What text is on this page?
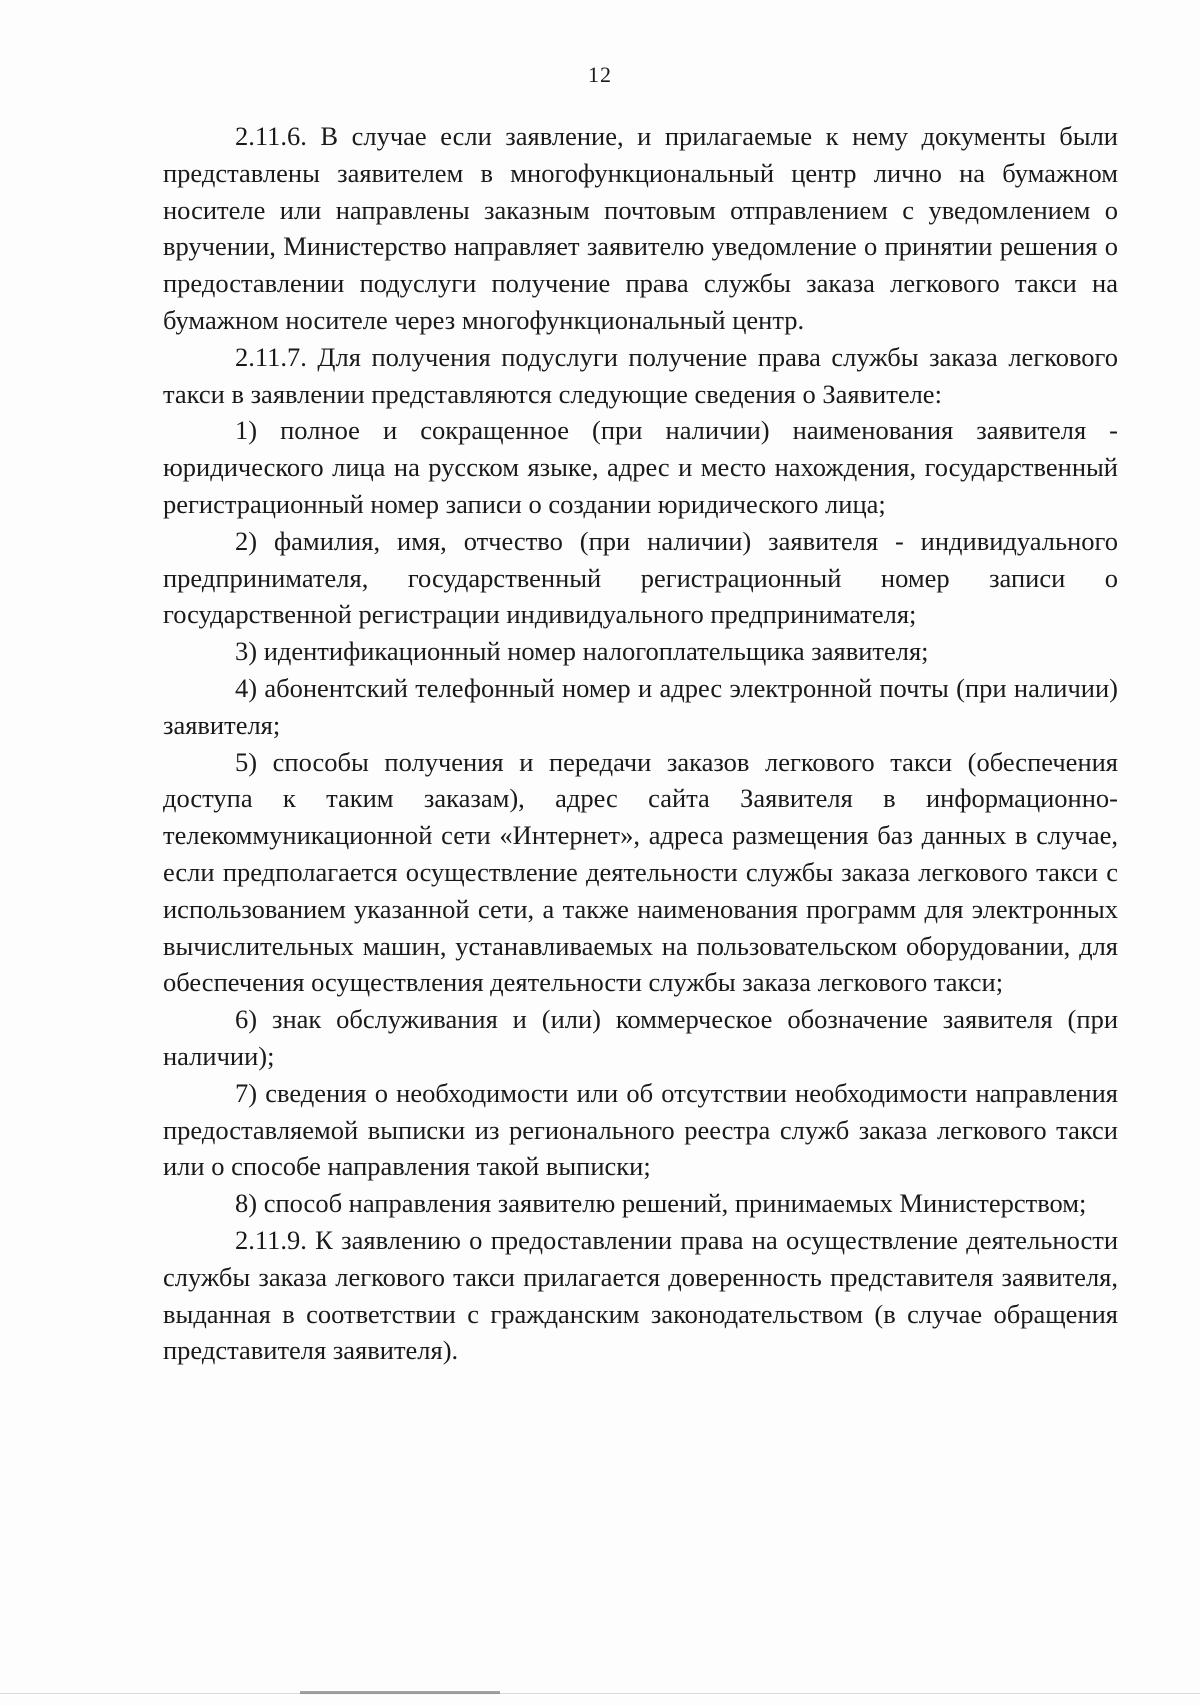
12

2.11.6. В случае если заявление, и прилагаемые к нему документы были представлены заявителем в многофункциональный центр лично на бумажном носителе или направлены заказным почтовым отправлением с уведомлением о вручении, Министерство направляет заявителю уведомление о принятии решения о предоставлении подуслуги получение права службы заказа легкового такси на бумажном носителе через многофункциональный центр.

2.11.7. Для получения подуслуги получение права службы заказа легкового такси в заявлении представляются следующие сведения о Заявителе:

1) полное и сокращенное (при наличии) наименования заявителя - юридического лица на русском языке, адрес и место нахождения, государственный регистрационный номер записи о создании юридического лица;

2) фамилия, имя, отчество (при наличии) заявителя - индивидуального предпринимателя, государственный регистрационный номер записи о государственной регистрации индивидуального предпринимателя;

3) идентификационный номер налогоплательщика заявителя;

4) абонентский телефонный номер и адрес электронной почты (при наличии) заявителя;

5) способы получения и передачи заказов легкового такси (обеспечения доступа к таким заказам), адрес сайта Заявителя в информационно-телекоммуникационной сети «Интернет», адреса размещения баз данных в случае, если предполагается осуществление деятельности службы заказа легкового такси с использованием указанной сети, а также наименования программ для электронных вычислительных машин, устанавливаемых на пользовательском оборудовании, для обеспечения осуществления деятельности службы заказа легкового такси;

6) знак обслуживания и (или) коммерческое обозначение заявителя (при наличии);

7) сведения о необходимости или об отсутствии необходимости направления предоставляемой выписки из регионального реестра служб заказа легкового такси или о способе направления такой выписки;

8) способ направления заявителю решений, принимаемых Министерством;

2.11.9. К заявлению о предоставлении права на осуществление деятельности службы заказа легкового такси прилагается доверенность представителя заявителя, выданная в соответствии с гражданским законодательством (в случае обращения представителя заявителя).
